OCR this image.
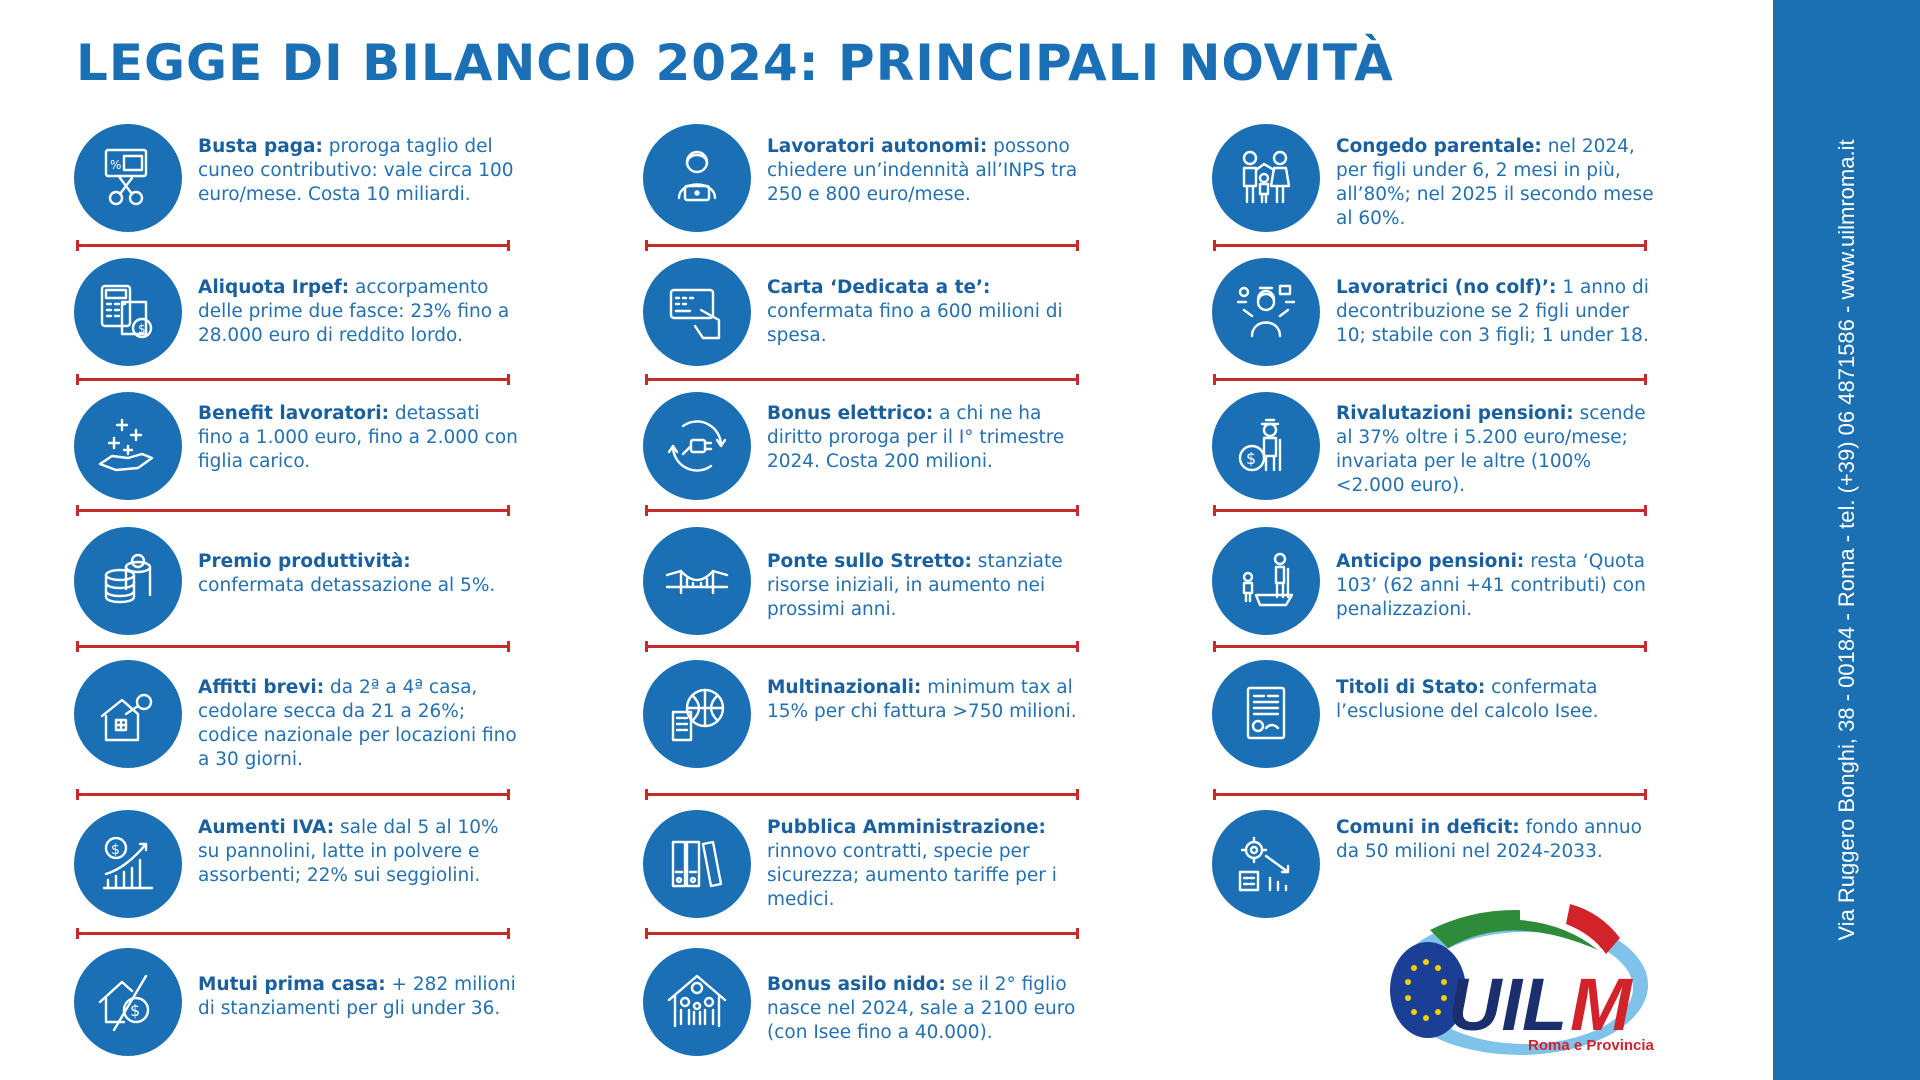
LEGGE DI BILANCIO 2024: PRINCIPALI NOVITÀ
%
Busta paga: proroga taglio del cuneo contributivo: vale circa 100 euro/mese. Costa 10 miliardi.
$
Aliquota Irpef: accorpamento delle prime due fasce: 23% fino a 28.000 euro di reddito lordo.
Benefit lavoratori: detassati fino a 1.000 euro, fino a 2.000 con figlia carico.
Premio produttività: confermata detassazione al 5%.
Affitti brevi: da 2ª a 4ª casa, cedolare secca da 21 a 26%; codice nazionale per locazioni fino a 30 giorni.
$
Aumenti IVA: sale dal 5 al 10% su pannolini, latte in polvere e assorbenti; 22% sui seggiolini.
$
Mutui prima casa: + 282 milioni di stanziamenti per gli under 36.
Lavoratori autonomi: possono chiedere un’indennità all’INPS tra 250 e 800 euro/mese.
Carta ‘Dedicata a te’: confermata fino a 600 milioni di spesa.
Bonus elettrico: a chi ne ha diritto proroga per il I° trimestre 2024. Costa 200 milioni.
Ponte sullo Stretto: stanziate risorse iniziali, in aumento nei prossimi anni.
Multinazionali: minimum tax al 15% per chi fattura >750 milioni.
Pubblica Amministrazione: rinnovo contratti, specie per sicurezza; aumento tariffe per i medici.
Bonus asilo nido: se il 2° figlio nasce nel 2024, sale a 2100 euro (con Isee fino a 40.000).
Congedo parentale: nel 2024, per figli under 6, 2 mesi in più, all’80%; nel 2025 il secondo mese al 60%.
Lavoratrici (no colf)’: 1 anno di decontribuzione se 2 figli under 10; stabile con 3 figli; 1 under 18.
$
Rivalutazioni pensioni: scende al 37% oltre i 5.200 euro/mese; invariata per le altre (100% <2.000 euro).
Anticipo pensioni: resta ‘Quota 103’ (62 anni +41 contributi) con penalizzazioni.
Titoli di Stato: confermata l’esclusione del calcolo Isee.
Comuni in deficit: fondo annuo da 50 milioni nel 2024-2033.
UIL M
Roma e Provincia
Via Ruggero Bonghi, 38 - 00184 - Roma - tel. (+39) 06 4871586 - www.uilmroma.it
